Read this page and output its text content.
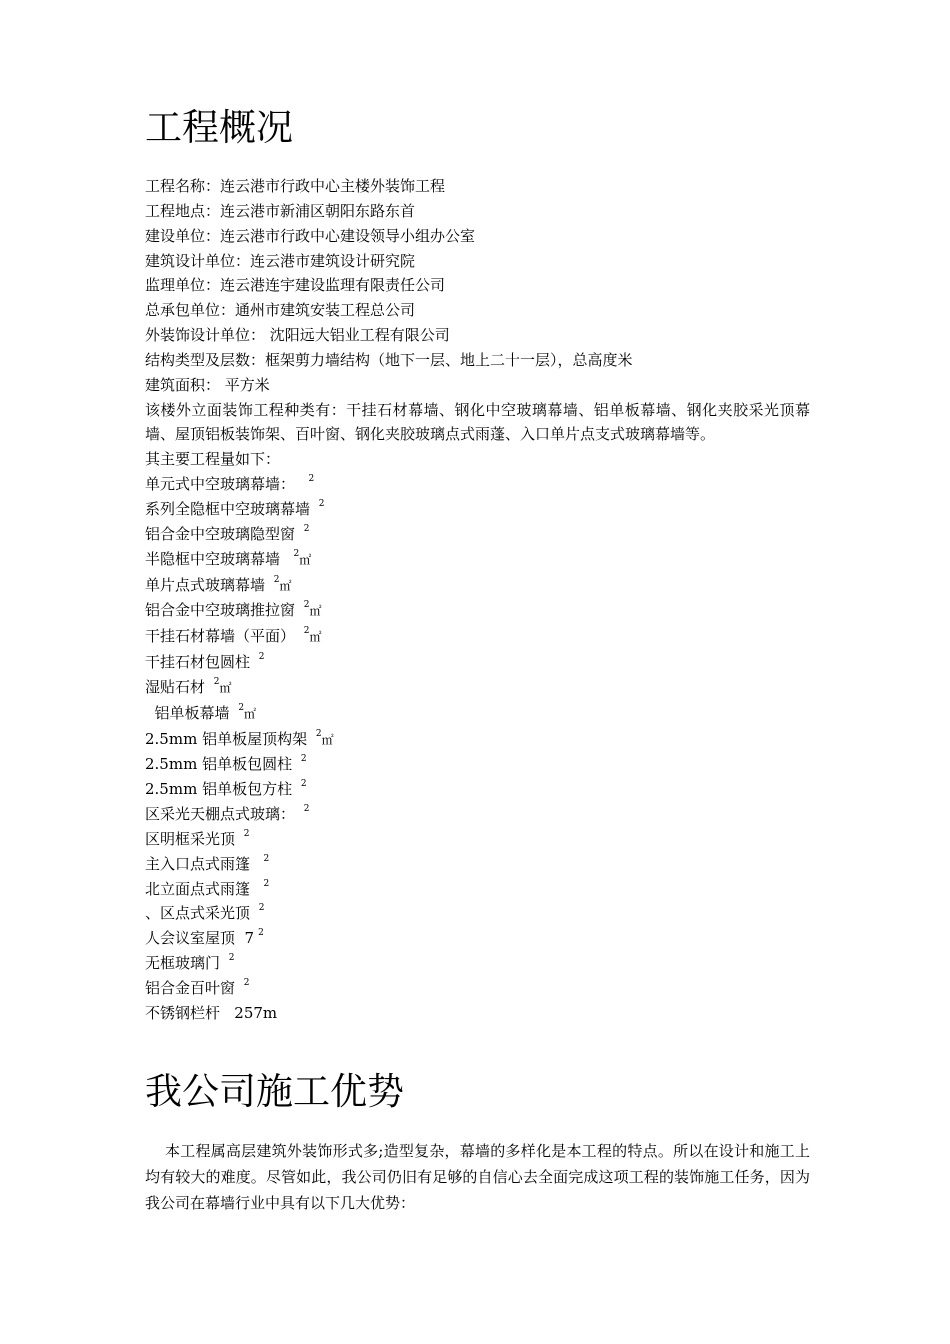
工程概况
工程名称：连云港市行政中心主楼外装饰工程
工程地点：连云港市新浦区朝阳东路东首
建设单位：连云港市行政中心建设领导小组办公室
建筑设计单位：连云港市建筑设计研究院
监理单位：连云港连宇建设监理有限责任公司
总承包单位：通州市建筑安装工程总公司
外装饰设计单位： 沈阳远大铝业工程有限公司
结构类型及层数：框架剪力墙结构（地下一层、地上二十一层），总高度米
建筑面积： 平方米
该楼外立面装饰工程种类有：干挂石材幕墙、钢化中空玻璃幕墙、铝单板幕墙、钢化夹胶采光顶幕墙、屋顶铝板装饰架、百叶窗、钢化夹胶玻璃点式雨蓬、入口单片点支式玻璃幕墙等。
其主要工程量如下：
单元式中空玻璃幕墙：  $^2$
系列全隐框中空玻璃幕墙 $^2$
铝合金中空玻璃隐型窗 $^2$
半隐框中空玻璃幕墙  $^2$㎡
单片点式玻璃幕墙 $^2$㎡
铝合金中空玻璃推拉窗 $^2$㎡
干挂石材幕墙（平面） $^2$㎡
干挂石材包圆柱 $^2$
湿贴石材 $^2$㎡
铝单板幕墙 $^2$㎡
2.5mm 铝单板屋顶构架 $^2$㎡
2.5mm 铝单板包圆柱 $^2$
2.5mm 铝单板包方柱 $^2$
区采光天棚点式玻璃： $^2$
区明框采光顶 $^2$
主入口点式雨篷  $^2$
北立面点式雨篷  $^2$
、区点式采光顶 $^2$
人会议室屋顶  7 $^2$
无框玻璃门 $^2$
铝合金百叶窗 $^2$
不锈钢栏杆   257m
我公司施工优势

本工程属高层建筑外装饰形式多;造型复杂，幕墙的多样化是本工程的特点。所以在设计和施工上均有较大的难度。尽管如此，我公司仍旧有足够的自信心去全面完成这项工程的装饰施工任务，因为我公司在幕墙行业中具有以下几大优势：
